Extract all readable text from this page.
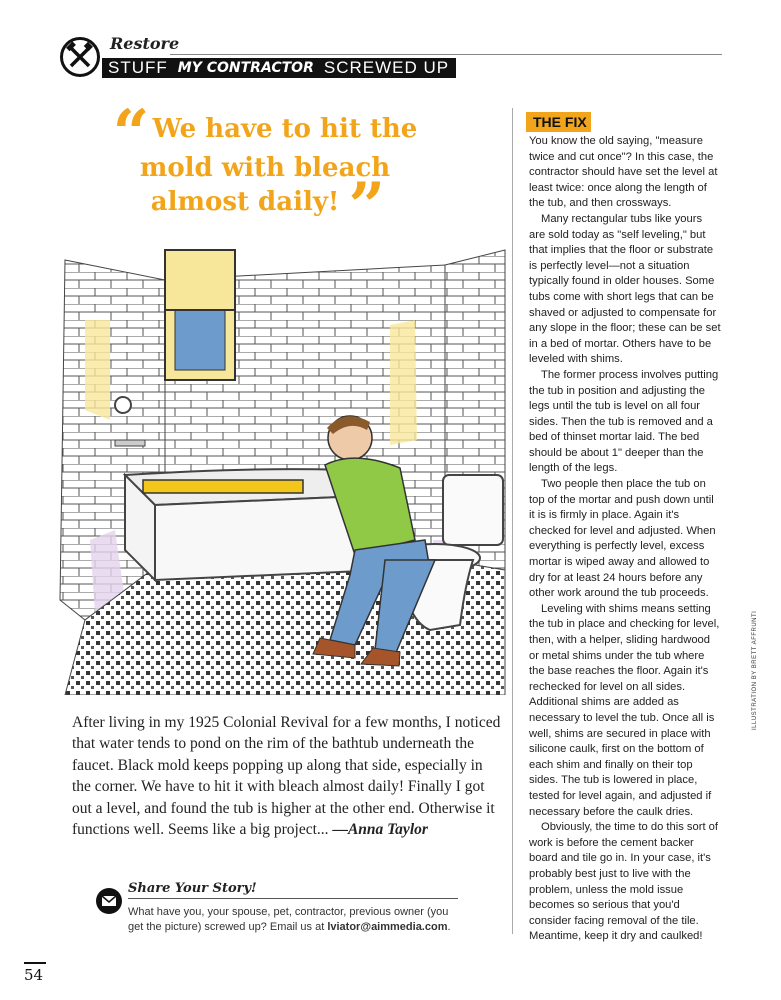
Restore
STUFF MY CONTRACTOR SCREWED UP
“ We have to hit the mold with bleach almost daily! ”
After living in my 1925 Colonial Revival for a few months, I noticed that water tends to pond on the rim of the bathtub underneath the faucet. Black mold keeps popping up along that side, especially in the corner. We have to hit it with bleach almost daily! Finally I got out a level, and found the tub is higher at the other end. Otherwise it functions well. Seems like a big project... —Anna Taylor
Share Your Story!
What have you, your spouse, pet, contractor, previous owner (you get the picture) screwed up? Email us at lviator@aimmedia.com.
54
THE FIX

You know the old saying, "measure twice and cut once"? In this case, the contractor should have set the level at least twice: once along the length of the tub, and then crossways.

Many rectangular tubs like yours are sold today as "self leveling," but that implies that the floor or substrate is perfectly level—not a situation typically found in older houses. Some tubs come with short legs that can be shaved or adjusted to compensate for any slope in the floor; these can be set in a bed of mortar. Others have to be leveled with shims.

The former process involves putting the tub in position and adjusting the legs until the tub is level on all four sides. Then the tub is removed and a bed of thinset mortar laid. The bed should be about 1" deeper than the length of the legs.

Two people then place the tub on top of the mortar and push down until it is is firmly in place. Again it's checked for level and adjusted. When everything is perfectly level, excess mortar is wiped away and allowed to dry for at least 24 hours before any other work around the tub proceeds.

Leveling with shims means setting the tub in place and checking for level, then, with a helper, sliding hardwood or metal shims under the tub where the base reaches the floor. Again it's rechecked for level on all sides. Additional shims are added as necessary to level the tub. Once all is well, shims are secured in place with silicone caulk, first on the bottom of each shim and finally on their top sides. The tub is lowered in place, tested for level again, and adjusted if necessary before the caulk dries.

Obviously, the time to do this sort of work is before the cement backer board and tile go in. In your case, it's probably best just to live with the problem, unless the mold issue becomes so serious that you'd consider facing removal of the tile. Meantime, keep it dry and caulked!

ILLUSTRATION BY BRETT AFFRUNTI
